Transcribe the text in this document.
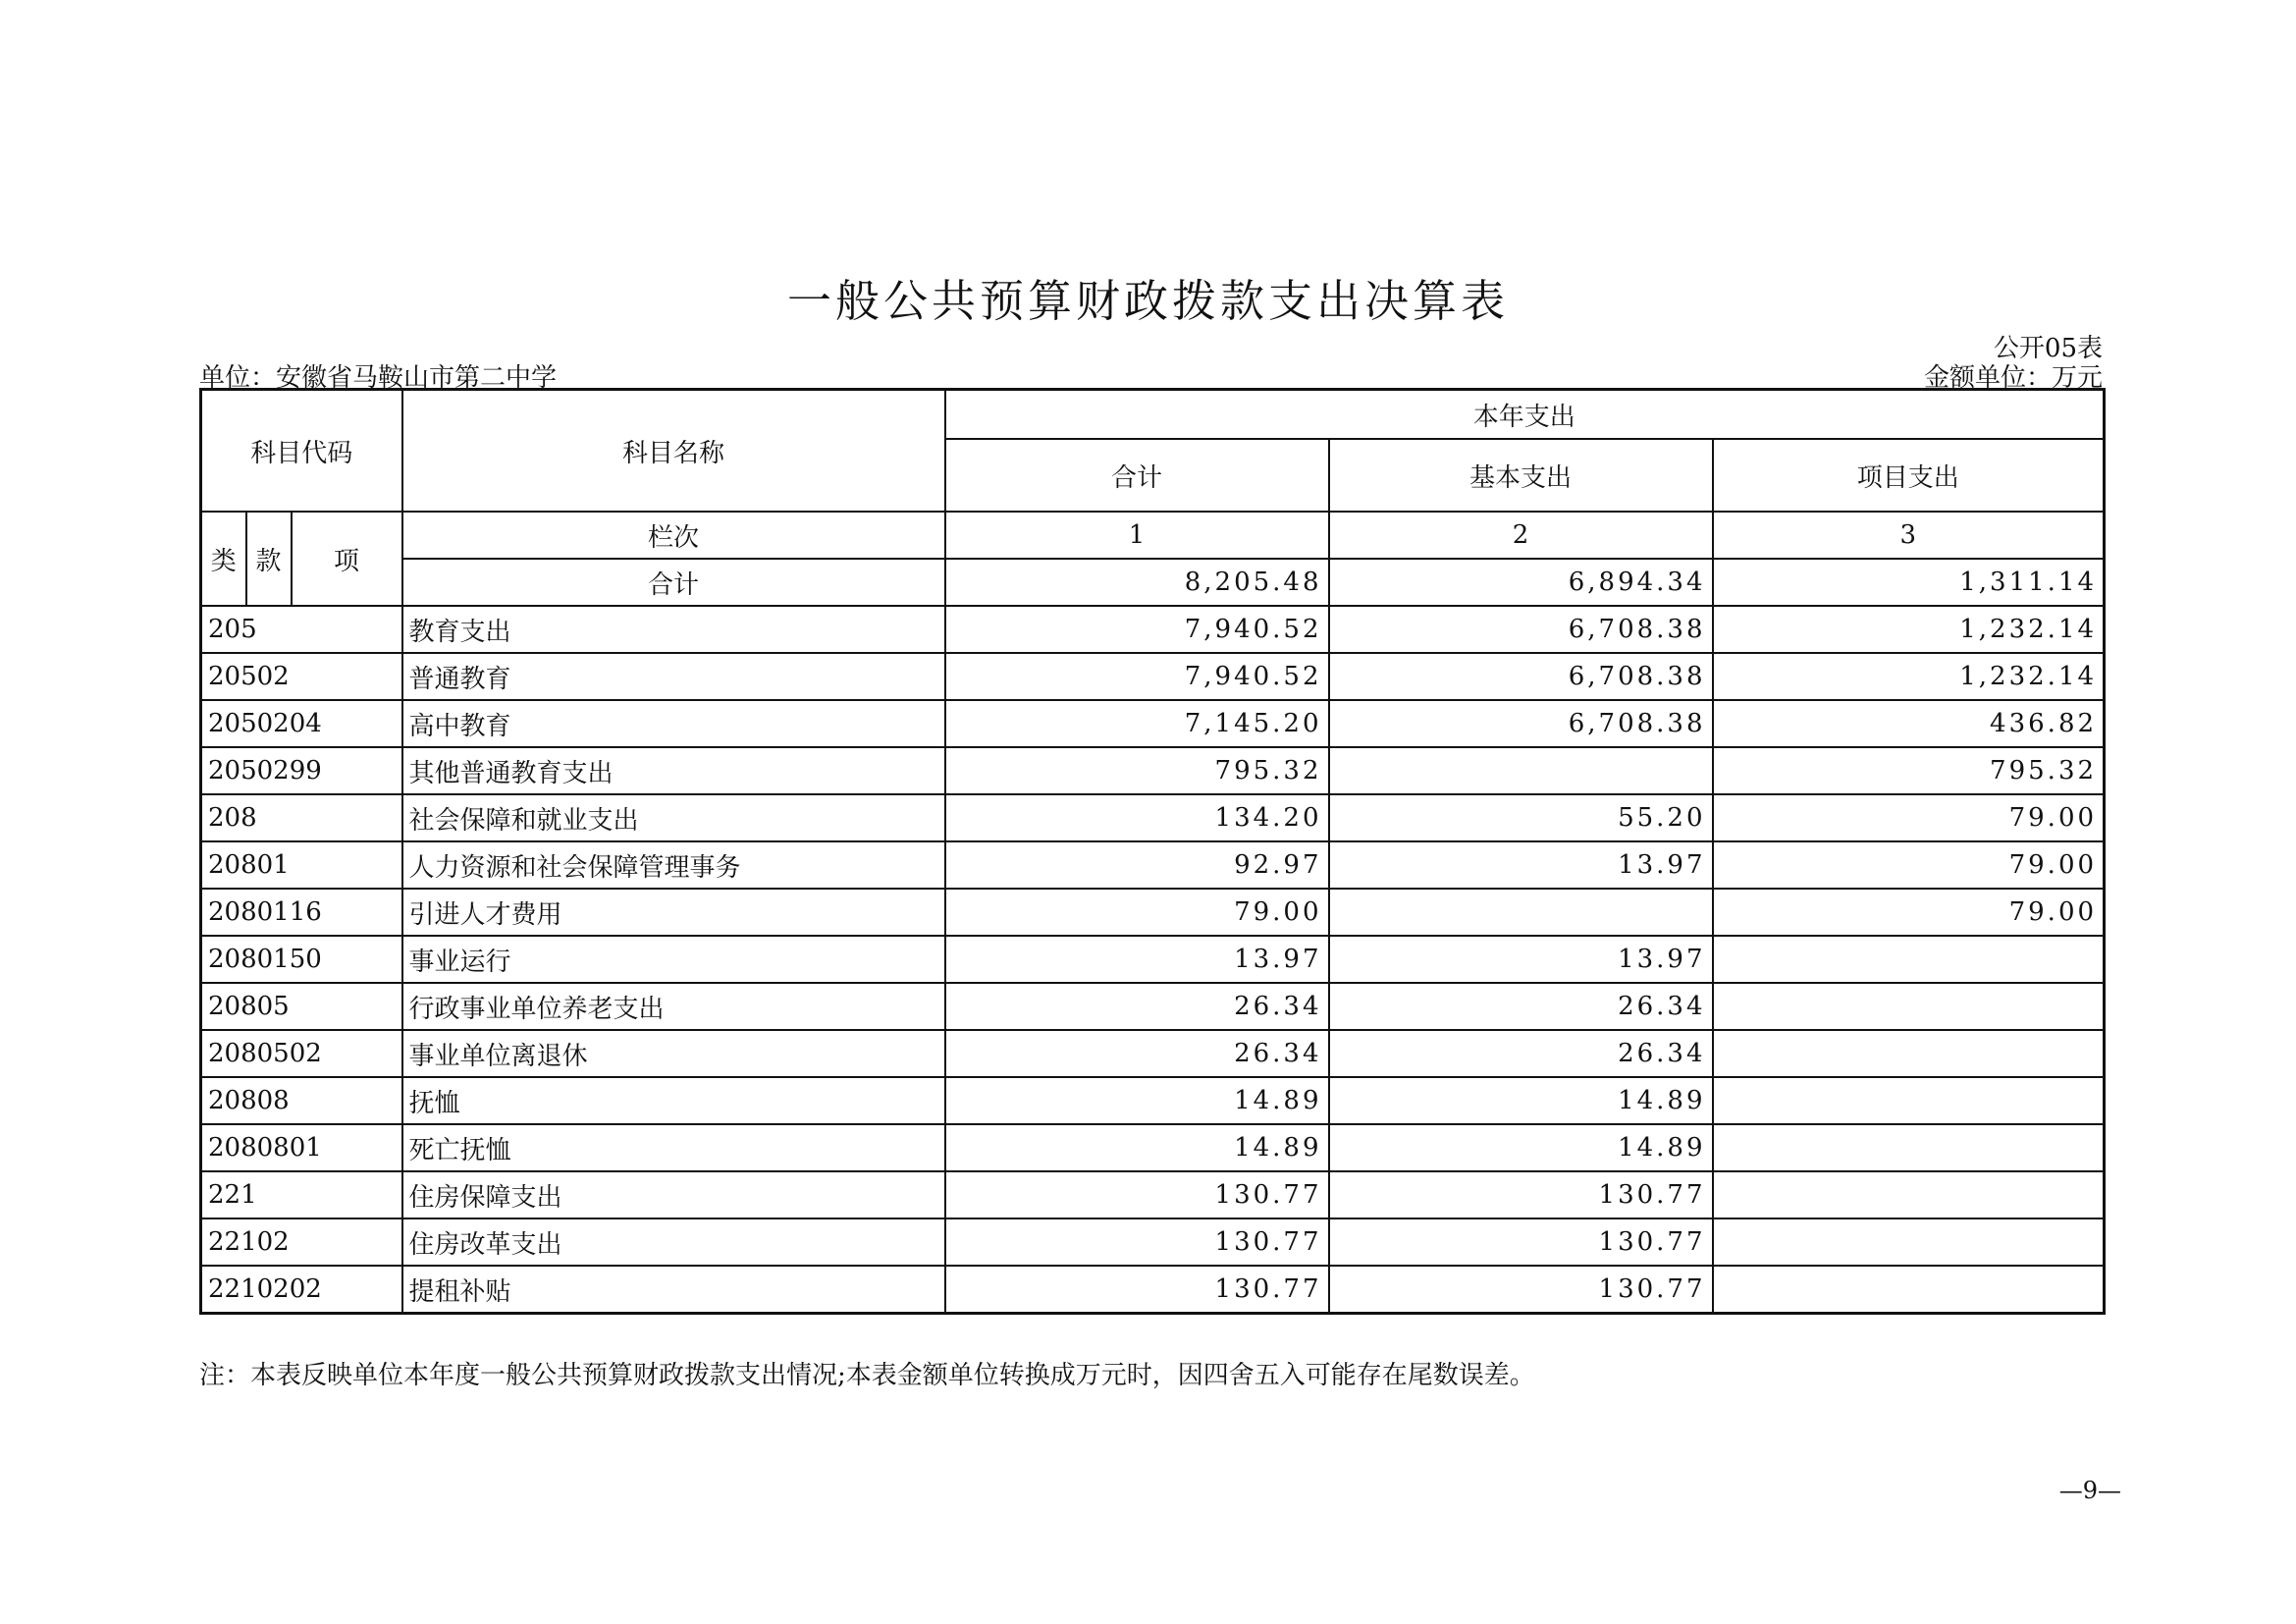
一般公共预算财政拨款支出决算表
公开05表
单位：安徽省马鞍山市第二中学	金额单位：万元
科目代码			科目名称	本年支出		
				合计	基本支出	项目支出
类	款	项	栏次	1	2	3
			合计	8,205.48	6,894.34	1,311.14
205			教育支出	7,940.52	6,708.38	1,232.14
20502			普通教育	7,940.52	6,708.38	1,232.14
2050204			高中教育	7,145.20	6,708.38	436.82
2050299			其他普通教育支出	795.32		795.32
208			社会保障和就业支出	134.20	55.20	79.00
20801			人力资源和社会保障管理事务	92.97	13.97	79.00
2080116			引进人才费用	79.00		79.00
2080150			事业运行	13.97	13.97	
20805			行政事业单位养老支出	26.34	26.34	
2080502			事业单位离退休	26.34	26.34	
20808			抚恤	14.89	14.89	
2080801			死亡抚恤	14.89	14.89	
221			住房保障支出	130.77	130.77	
22102			住房改革支出	130.77	130.77	
2210202			提租补贴	130.77	130.77	
注：本表反映单位本年度一般公共预算财政拨款支出情况;本表金额单位转换成万元时，因四舍五入可能存在尾数误差。
—9—
